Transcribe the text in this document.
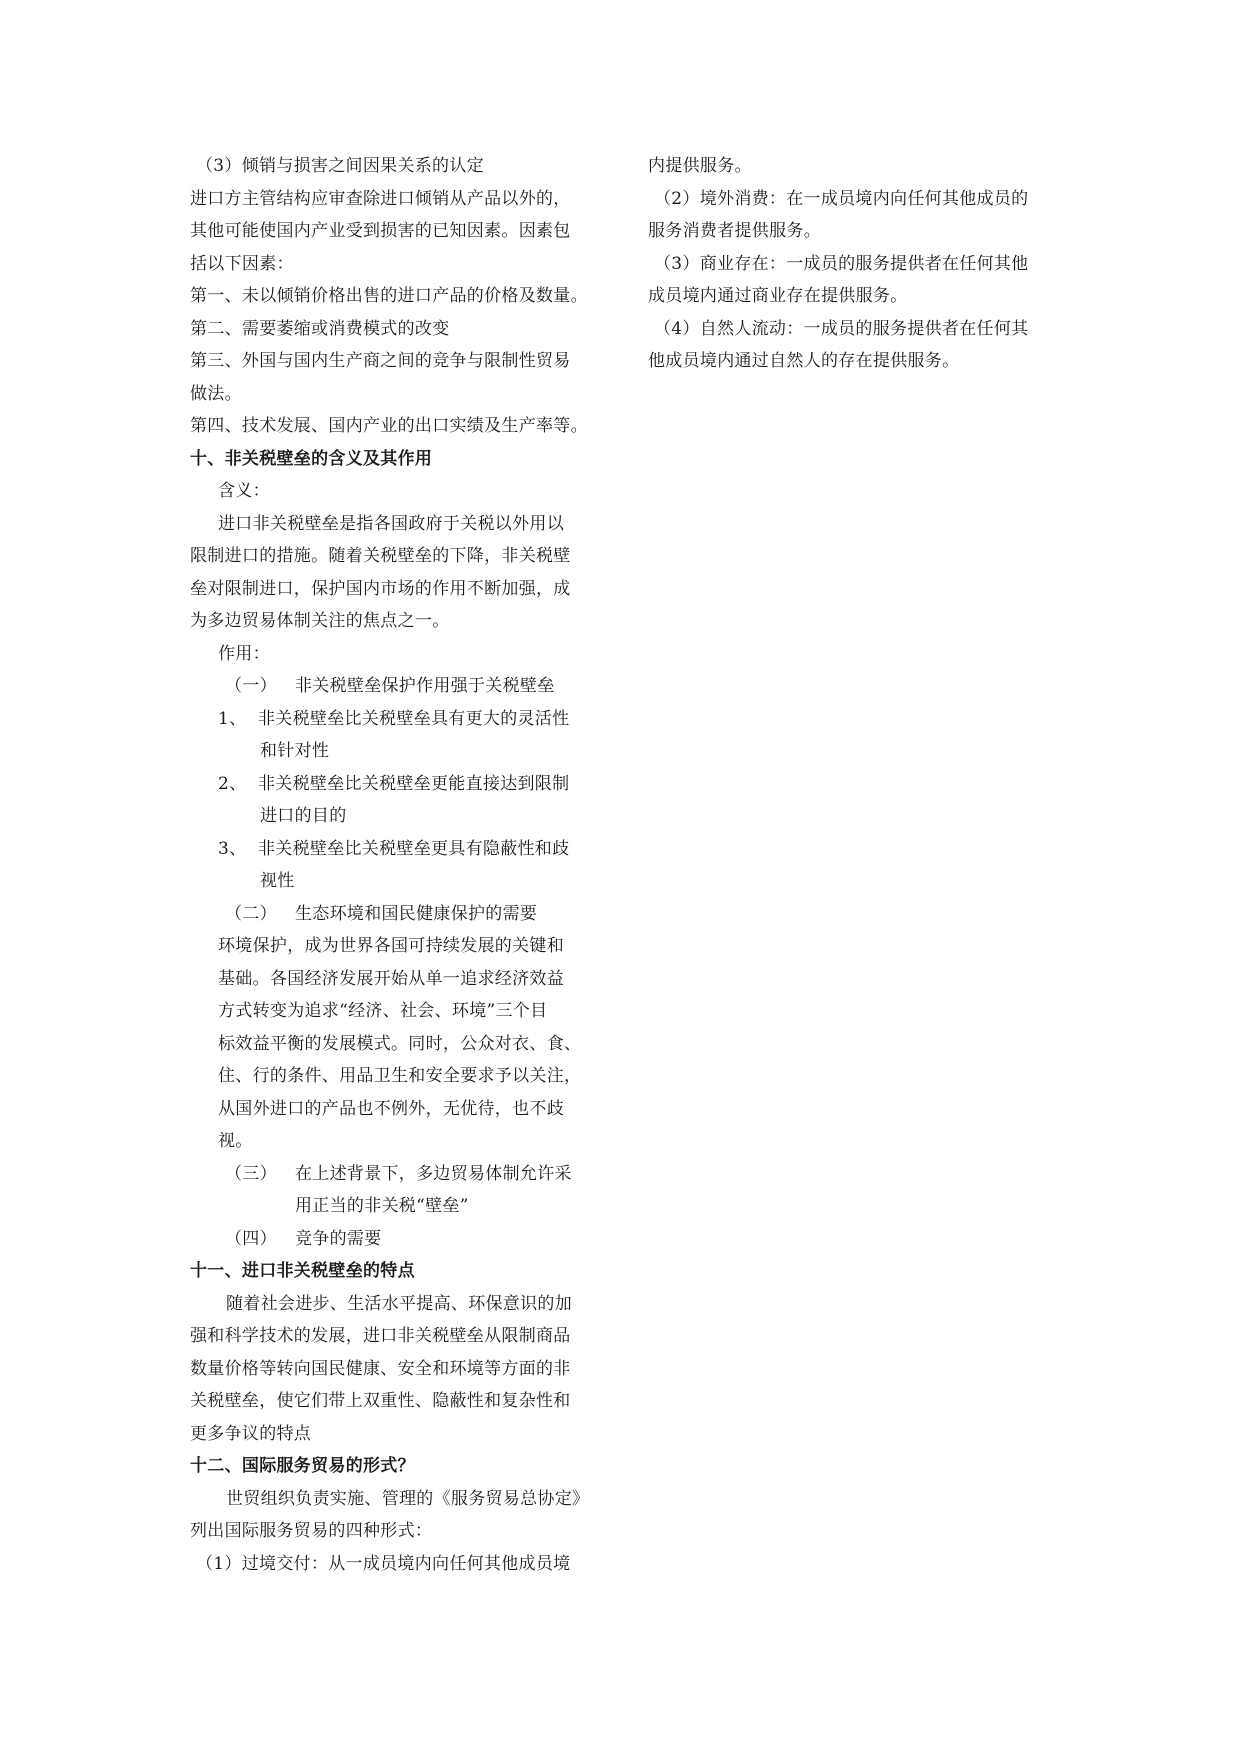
（3）倾销与损害之间因果关系的认定
进口方主管结构应审查除进口倾销从产品以外的，
其他可能使国内产业受到损害的已知因素。因素包
括以下因素：
第一、未以倾销价格出售的进口产品的价格及数量。
第二、需要萎缩或消费模式的改变
第三、外国与国内生产商之间的竞争与限制性贸易
做法。
第四、技术发展、国内产业的出口实绩及生产率等。
十、非关税壁垒的含义及其作用
含义：
进口非关税壁垒是指各国政府于关税以外用以
限制进口的措施。随着关税壁垒的下降，非关税壁
垒对限制进口，保护国内市场的作用不断加强，成
为多边贸易体制关注的焦点之一。
作用：
（一）	非关税壁垒保护作用强于关税壁垒
1、 非关税壁垒比关税壁垒具有更大的灵活性
和针对性
2、 非关税壁垒比关税壁垒更能直接达到限制
进口的目的
3、 非关税壁垒比关税壁垒更具有隐蔽性和歧
视性
（二）	生态环境和国民健康保护的需要
环境保护，成为世界各国可持续发展的关键和
基础。各国经济发展开始从单一追求经济效益
方式转变为追求“经济、社会、环境”三个目
标效益平衡的发展模式。同时，公众对衣、食、
住、行的条件、用品卫生和安全要求予以关注，
从国外进口的产品也不例外，无优待，也不歧
视。
（三）	在上述背景下，多边贸易体制允许采
用正当的非关税“壁垒”
（四）	竞争的需要
十一、进口非关税壁垒的特点
随着社会进步、生活水平提高、环保意识的加
强和科学技术的发展，进口非关税壁垒从限制商品
数量价格等转向国民健康、安全和环境等方面的非
关税壁垒，使它们带上双重性、隐蔽性和复杂性和
更多争议的特点
十二、国际服务贸易的形式？
世贸组织负责实施、管理的《服务贸易总协定》
列出国际服务贸易的四种形式：
（1）过境交付：从一成员境内向任何其他成员境
内提供服务。
（2）境外消费：在一成员境内向任何其他成员的
服务消费者提供服务。
（3）商业存在：一成员的服务提供者在任何其他
成员境内通过商业存在提供服务。
（4）自然人流动：一成员的服务提供者在任何其
他成员境内通过自然人的存在提供服务。
